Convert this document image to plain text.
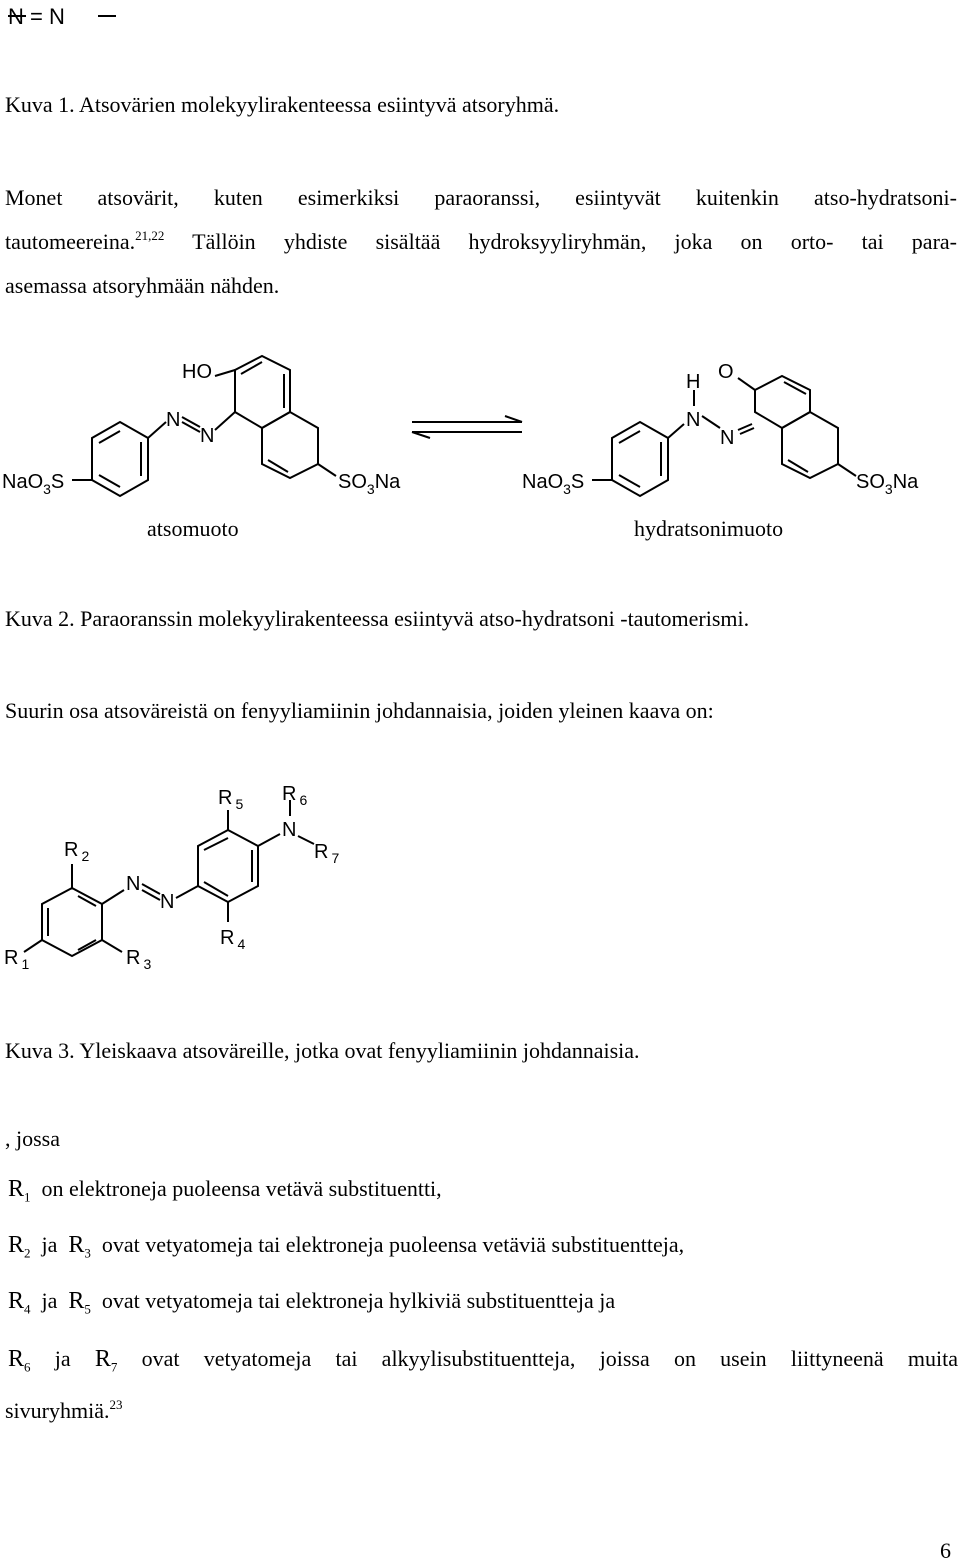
N = N
Kuva 1. Atsovärien molekyylirakenteessa esiintyvä atsoryhmä.
Monet atsovärit, kuten esimerkiksi paraoranssi, esiintyvät kuitenkin atso-hydratsoni-
tautomeereina.$^{21,22}$ Tällöin yhdiste sisältää hydroksyyliryhmän, joka on orto- tai para-
asemassa atsoryhmään nähden.
HO
N
N
NaO$_3$S	$SO_3Na$
H O
N
N
NaO$_3$S	$SO_3Na$
atsomuoto	hydratsonimuoto
Kuva 2. Paraoranssin molekyylirakenteessa esiintyvä atso-hydratsoni -tautomerismi.
Suurin osa atsoväreistä on fenyyliamiinin johdannaisia, joiden yleinen kaava on:
R $_5$ R $_6$
N
R $_7$
R $_2$
N
N
R $_4$
R $_1$	R $_3$
Kuva 3. Yleiskaava atsoväreille, jotka ovat fenyyliamiinin johdannaisia.
, jossa
$R_1$ on elektroneja puoleensa vetävä substituentti,
$R_2$ ja $R_3$ ovat vetyatomeja tai elektroneja puoleensa vetäviä substituentteja,
$R_4$ ja $R_5$ ovat vetyatomeja tai elektroneja hylkiviä substituentteja ja
$R_6$ ja $R_7$ ovat vetyatomeja tai alkyylisubstituentteja, joissa on usein liittyneenä muita
sivuryhmiä.$^{23}$
6
